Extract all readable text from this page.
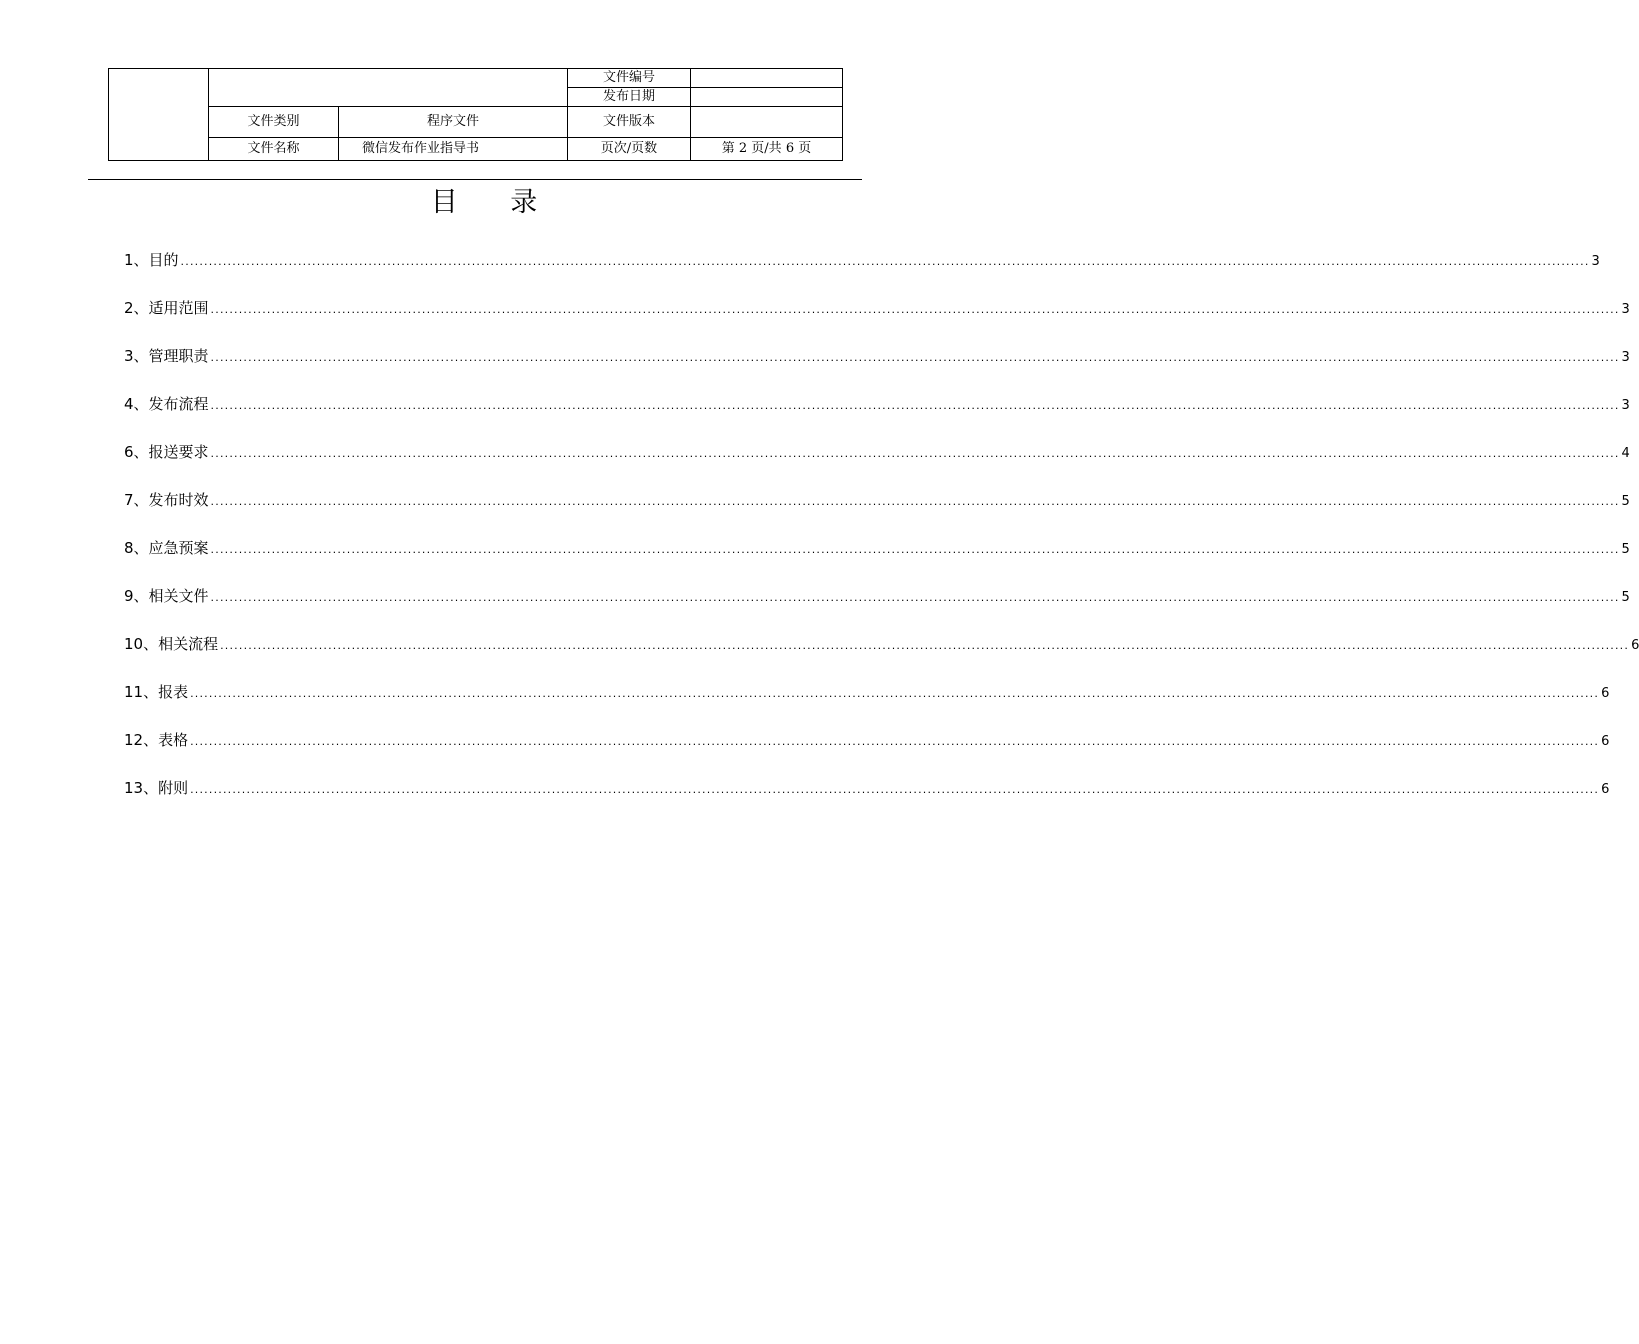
			文件编号	
			发布日期	
	文件类别	程序文件	文件版本	
	文件名称	微信发布作业指导书	页次/页数	第 2 页/共 6 页
目 录
1、目的 ............................................................................................................................................................................................................................................................................................................ 3
2、适用范围 ............................................................................................................................................................................................................................................................................................................ 3
3、管理职责 ............................................................................................................................................................................................................................................................................................................ 3
4、发布流程 ............................................................................................................................................................................................................................................................................................................ 3
6、报送要求 ............................................................................................................................................................................................................................................................................................................ 4
7、发布时效 ............................................................................................................................................................................................................................................................................................................ 5
8、应急预案 ............................................................................................................................................................................................................................................................................................................ 5
9、相关文件 ............................................................................................................................................................................................................................................................................................................ 5
10、相关流程 ............................................................................................................................................................................................................................................................................................................ 6
11、报表 ............................................................................................................................................................................................................................................................................................................ 6
12、表格 ............................................................................................................................................................................................................................................................................................................ 6
13、附则 ............................................................................................................................................................................................................................................................................................................ 6
